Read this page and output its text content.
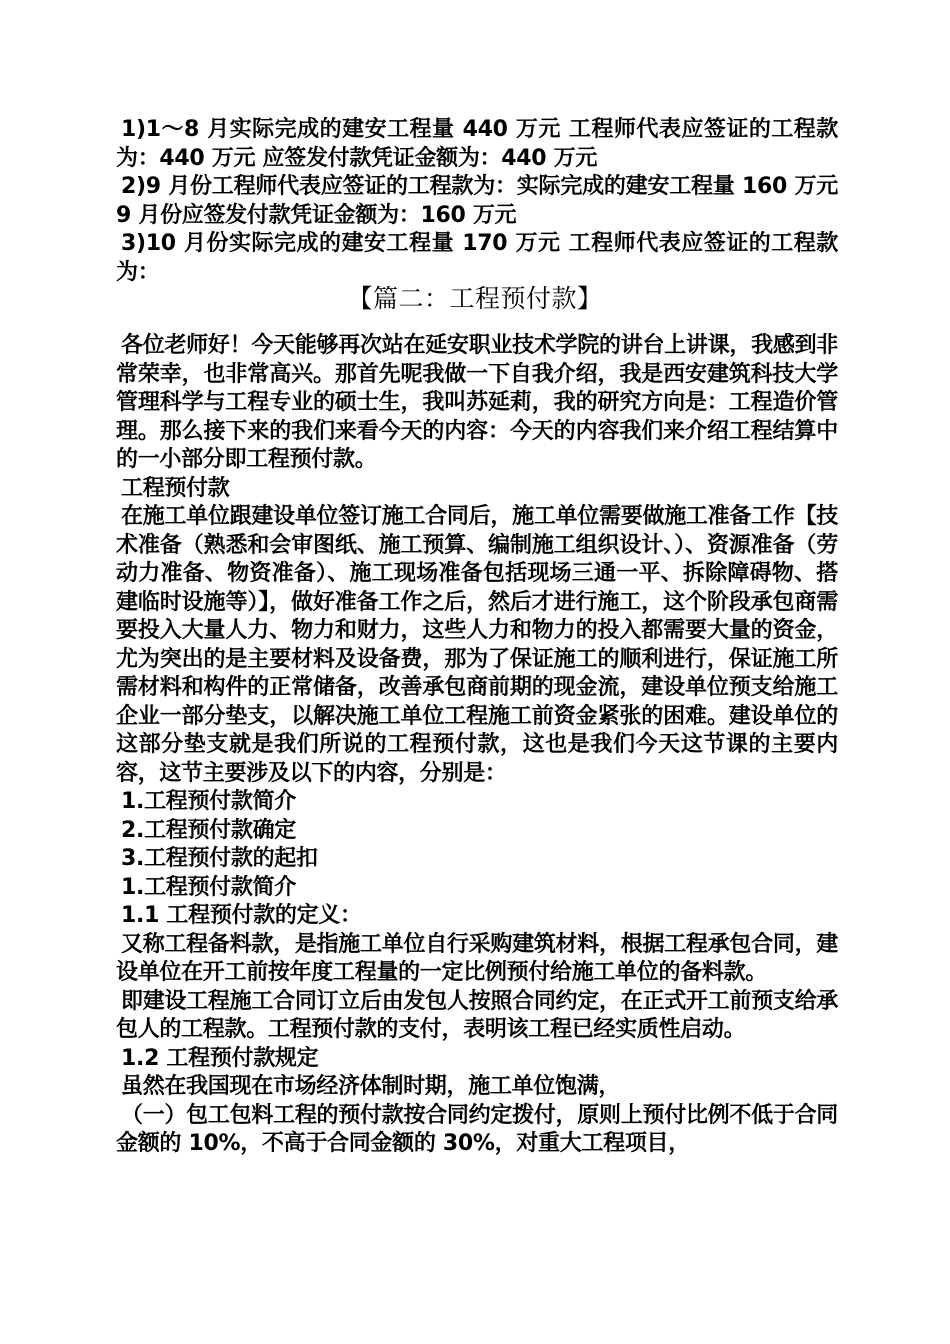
1)1～8 月实际完成的建安工程量 440 万元 工程师代表应签证的工程款为：440 万元 应签发付款凭证金额为：440 万元

2)9 月份工程师代表应签证的工程款为：实际完成的建安工程量 160 万元 9 月份应签发付款凭证金额为：160 万元

3)10 月份实际完成的建安工程量 170 万元 工程师代表应签证的工程款为：

【篇二：工程预付款】

各位老师好！今天能够再次站在延安职业技术学院的讲台上讲课，我感到非常荣幸，也非常高兴。那首先呢我做一下自我介绍，我是西安建筑科技大学管理科学与工程专业的硕士生，我叫苏延莉，我的研究方向是：工程造价管理。那么接下来的我们来看今天的内容：今天的内容我们来介绍工程结算中的一小部分即工程预付款。

工程预付款

在施工单位跟建设单位签订施工合同后，施工单位需要做施工准备工作【技术准备（熟悉和会审图纸、施工预算、编制施工组织设计、）、资源准备（劳动力准备、物资准备）、施工现场准备包括现场三通一平、拆除障碍物、搭建临时设施等）】，做好准备工作之后，然后才进行施工，这个阶段承包商需要投入大量人力、物力和财力，这些人力和物力的投入都需要大量的资金，尤为突出的是主要材料及设备费，那为了保证施工的顺利进行，保证施工所需材料和构件的正常储备，改善承包商前期的现金流，建设单位预支给施工企业一部分垫支，以解决施工单位工程施工前资金紧张的困难。建设单位的这部分垫支就是我们所说的工程预付款，这也是我们今天这节课的主要内容，这节主要涉及以下的内容，分别是：

1.工程预付款简介

2.工程预付款确定

3.工程预付款的起扣

1.工程预付款简介

1.1 工程预付款的定义：

又称工程备料款，是指施工单位自行采购建筑材料，根据工程承包合同，建设单位在开工前按年度工程量的一定比例预付给施工单位的备料款。

即建设工程施工合同订立后由发包人按照合同约定，在正式开工前预支给承包人的工程款。工程预付款的支付，表明该工程已经实质性启动。

1.2 工程预付款规定

虽然在我国现在市场经济体制时期，施工单位饱满，

（一）包工包料工程的预付款按合同约定拨付，原则上预付比例不低于合同金额的 10%，不高于合同金额的 30%，对重大工程项目，
